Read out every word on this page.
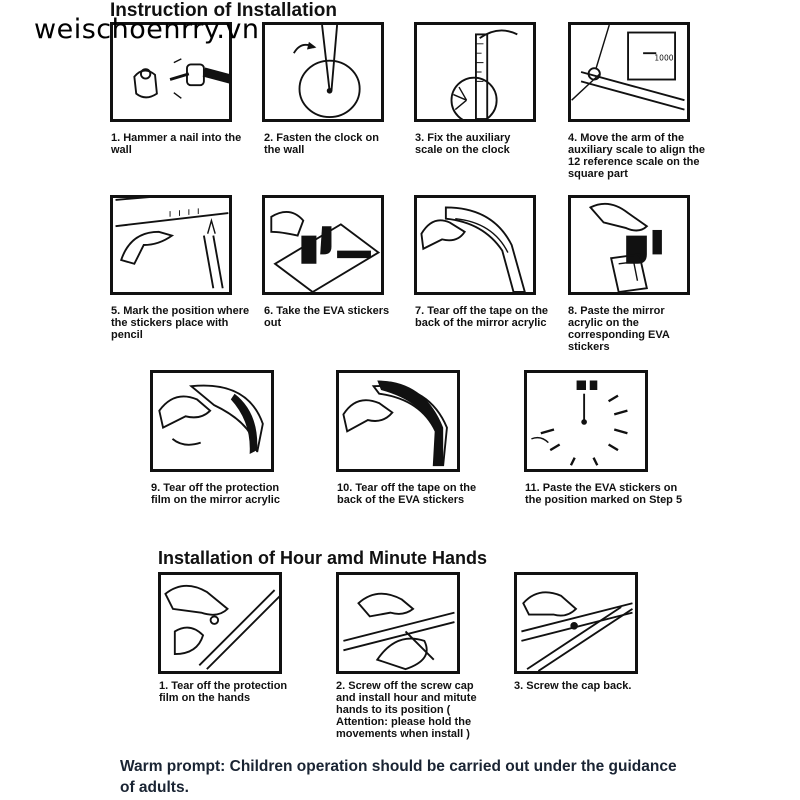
weischoenrry.vn
Instruction of Installation
1000
1. Hammer a nail into the wall
2. Fasten the clock on the wall
3. Fix the auxiliary scale on the clock
4. Move the arm of the auxiliary scale to align the 12 reference scale on the square part
5. Mark the position where the stickers place with pencil
6. Take the EVA stickers out
7. Tear off the tape on the back of the mirror acrylic
8. Paste the mirror acrylic on the corresponding EVA stickers
9. Tear off the protection film on the mirror acrylic
10. Tear off the tape on the back of the EVA stickers
11. Paste the EVA stickers on the position marked on Step 5
Installation of Hour amd Minute Hands
1. Tear off the protection film on the hands
2. Screw off the screw cap and install hour and mitute hands to its position ( Attention: please hold the movements when install )
3. Screw the cap back.
Warm prompt: Children operation should be carried out under the guidance of adults.
